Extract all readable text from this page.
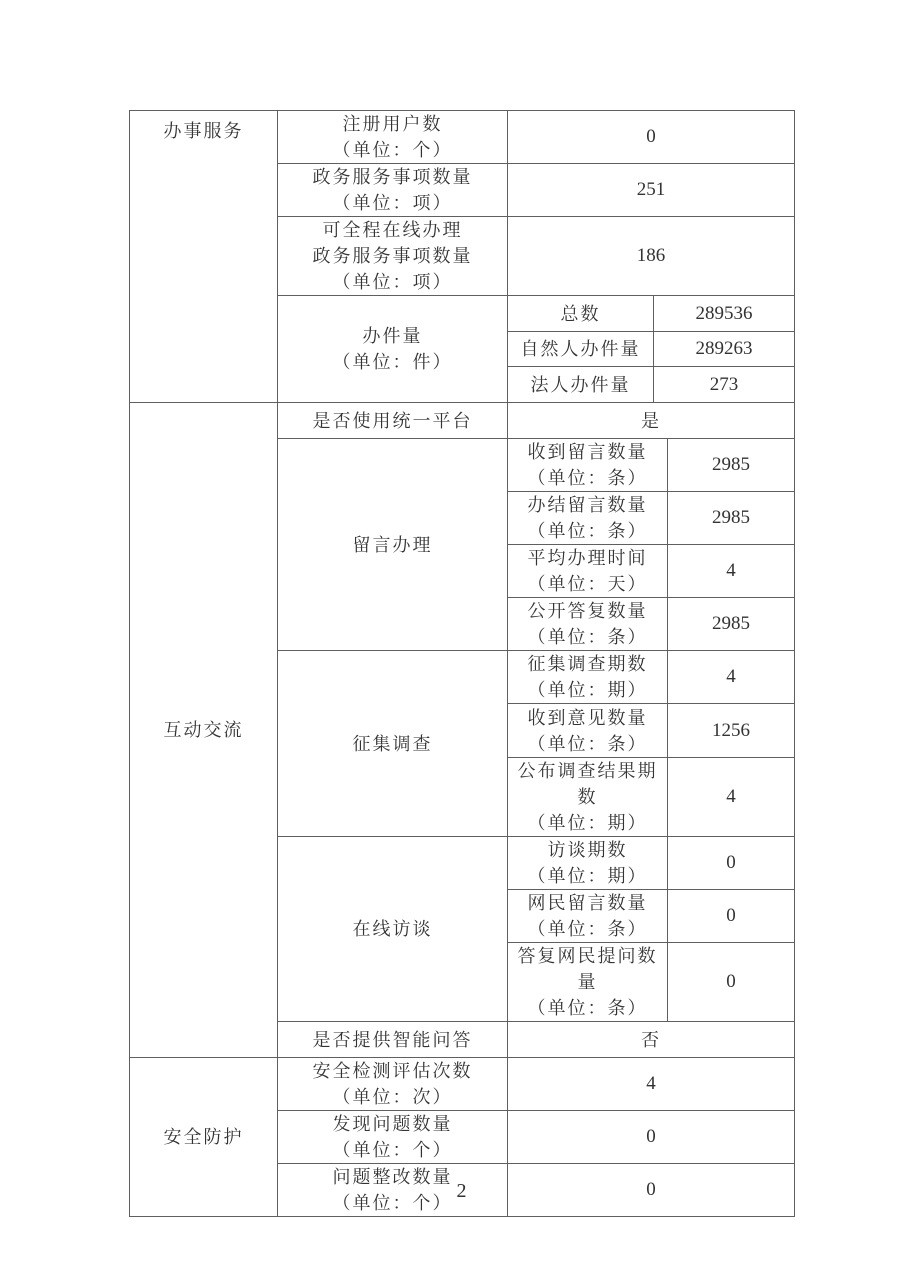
办事服务	注册用户数
（单位：个）	0	

	政务服务事项数量
（单位：项）	251	

	可全程在线办理
政务服务事项数量
（单位：项）	186	

	办件量
（单位：件）	总数	289536
		自然人办件量	289263
		法人办件量	273
互动交流	是否使用统一平台	是	
	留言办理	收到留言数量
（单位：条）	2985

		办结留言数量
（单位：条）	2985

		平均办理时间
（单位：天）	4

		公开答复数量
（单位：条）	2985
	征集调查	征集调查期数
（单位：期）	4

		收到意见数量
（单位：条）	1256

		公布调查结果期数
（单位：期）	4
	在线访谈	访谈期数
（单位：期）	0

		网民留言数量
（单位：条）	0

		答复网民提问数量
（单位：条）	0
	是否提供智能问答	否	
安全防护	安全检测评估次数
（单位：次）	4

	发现问题数量
（单位：个）	0

	问题整改数量
（单位：个）	0
2
